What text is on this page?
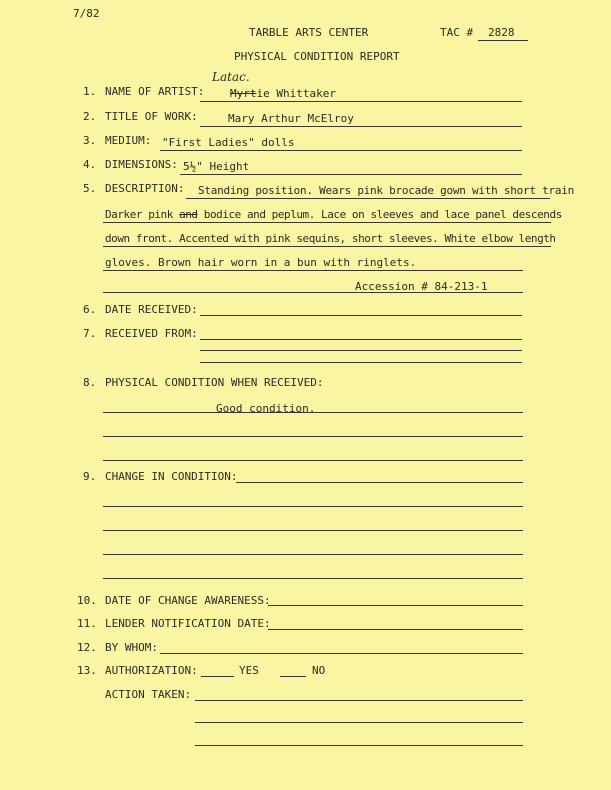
7/82
TARBLE ARTS CENTER	TAC # 2828
PHYSICAL CONDITION REPORT
1. NAME OF ARTIST:
Latac.
Myrtie Whittaker
2. TITLE OF WORK:	Mary Arthur McElroy
3. MEDIUM: "First Ladies" dolls
4. DIMENSIONS: 5½" Height
5. DESCRIPTION: Standing position. Wears pink brocade gown with short train
Darker pink and bodice and peplum. Lace on sleeves and lace panel descends
down front. Accented with pink sequins, short sleeves. White elbow length
gloves. Brown hair worn in a bun with ringlets.
Accession # 84-213-1
6. DATE RECEIVED:
7. RECEIVED FROM:
8. PHYSICAL CONDITION WHEN RECEIVED:
Good condition.
9. CHANGE IN CONDITION:
10. DATE OF CHANGE AWARENESS:
11. LENDER NOTIFICATION DATE:
12. BY WHOM:
13. AUTHORIZATION:	YES	NO
ACTION TAKEN:
